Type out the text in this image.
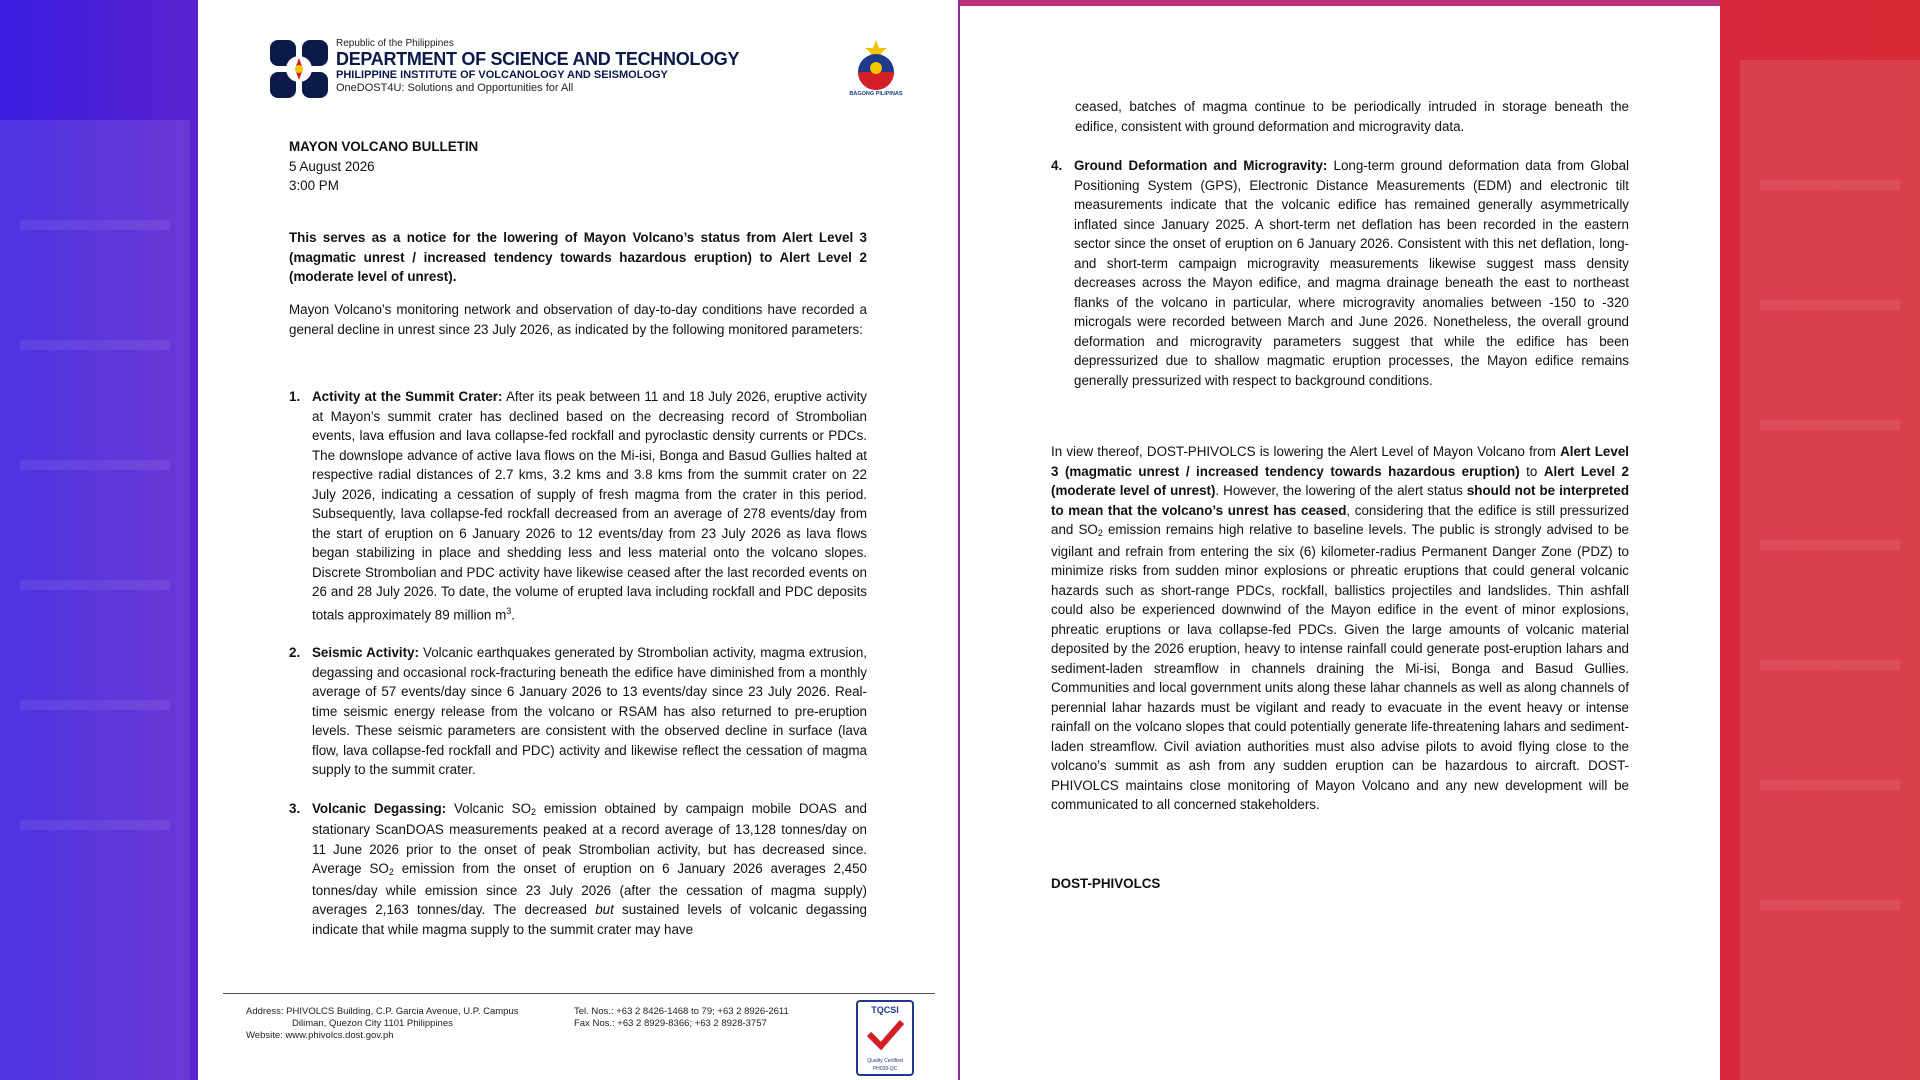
Republic of the Philippines
DEPARTMENT OF SCIENCE AND TECHNOLOGY
PHILIPPINE INSTITUTE OF VOLCANOLOGY AND SEISMOLOGY
OneDOST4U: Solutions and Opportunities for All	BAGONG PILIPINAS
MAYON VOLCANO BULLETIN
5 August 2026
3:00 PM

This serves as a notice for the lowering of Mayon Volcano’s status from Alert Level 3 (magmatic unrest / increased tendency towards hazardous eruption) to Alert Level 2 (moderate level of unrest).

Mayon Volcano’s monitoring network and observation of day-to-day conditions have recorded a general decline in unrest since 23 July 2026, as indicated by the following monitored parameters:

1. Activity at the Summit Crater: After its peak between 11 and 18 July 2026, eruptive activity at Mayon’s summit crater has declined based on the decreasing record of Strombolian events, lava effusion and lava collapse-fed rockfall and pyroclastic density currents or PDCs. The downslope advance of active lava flows on the Mi-isi, Bonga and Basud Gullies halted at respective radial distances of 2.7 kms, 3.2 kms and 3.8 kms from the summit crater on 22 July 2026, indicating a cessation of supply of fresh magma from the crater in this period. Subsequently, lava collapse-fed rockfall decreased from an average of 278 events/day from the start of eruption on 6 January 2026 to 12 events/day from 23 July 2026 as lava flows began stabilizing in place and shedding less and less material onto the volcano slopes. Discrete Strombolian and PDC activity have likewise ceased after the last recorded events on 26 and 28 July 2026. To date, the volume of erupted lava including rockfall and PDC deposits totals approximately 89 million $m^3$.
2. Seismic Activity: Volcanic earthquakes generated by Strombolian activity, magma extrusion, degassing and occasional rock-fracturing beneath the edifice have diminished from a monthly average of 57 events/day since 6 January 2026 to 13 events/day since 23 July 2026. Real-time seismic energy release from the volcano or RSAM has also returned to pre-eruption levels. These seismic parameters are consistent with the observed decline in surface (lava flow, lava collapse-fed rockfall and PDC) activity and likewise reflect the cessation of magma supply to the summit crater.
3. Volcanic Degassing: Volcanic $SO_2$ emission obtained by campaign mobile DOAS and stationary ScanDOAS measurements peaked at a record average of 13,128 tonnes/day on 11 June 2026 prior to the onset of peak Strombolian activity, but has decreased since. Average $SO_2$ emission from the onset of eruption on 6 January 2026 averages 2,450 tonnes/day while emission since 23 July 2026 (after the cessation of magma supply) averages 2,163 tonnes/day. The decreased but sustained levels of volcanic degassing indicate that while magma supply to the summit crater may have
Address: PHIVOLCS Building, C.P. Garcia Avenue, U.P. Campus
Diliman, Quezon City 1101 Philippines
Website: www.phivolcs.dost.gov.ph
Tel. Nos.: +63 2 8426-1468 to 79; +63 2 8926-2611
Fax Nos.: +63 2 8929-8366; +63 2 8928-3757
TQCSI
Quality Certified
PH039-QC
ceased, batches of magma continue to be periodically intruded in storage beneath the edifice, consistent with ground deformation and microgravity data.
4. Ground Deformation and Microgravity: Long-term ground deformation data from Global Positioning System (GPS), Electronic Distance Measurements (EDM) and electronic tilt measurements indicate that the volcanic edifice has remained generally asymmetrically inflated since January 2025. A short-term net deflation has been recorded in the eastern sector since the onset of eruption on 6 January 2026. Consistent with this net deflation, long- and short-term campaign microgravity measurements likewise suggest mass density decreases across the Mayon edifice, and magma drainage beneath the east to northeast flanks of the volcano in particular, where microgravity anomalies between -150 to -320 microgals were recorded between March and June 2026. Nonetheless, the overall ground deformation and microgravity parameters suggest that while the edifice has been depressurized due to shallow magmatic eruption processes, the Mayon edifice remains generally pressurized with respect to background conditions.
In view thereof, DOST-PHIVOLCS is lowering the Alert Level of Mayon Volcano from Alert Level 3 (magmatic unrest / increased tendency towards hazardous eruption) to Alert Level 2 (moderate level of unrest). However, the lowering of the alert status should not be interpreted to mean that the volcano’s unrest has ceased, considering that the edifice is still pressurized and $SO_2$ emission remains high relative to baseline levels. The public is strongly advised to be vigilant and refrain from entering the six (6) kilometer-radius Permanent Danger Zone (PDZ) to minimize risks from sudden minor explosions or phreatic eruptions that could general volcanic hazards such as short-range PDCs, rockfall, ballistics projectiles and landslides. Thin ashfall could also be experienced downwind of the Mayon edifice in the event of minor explosions, phreatic eruptions or lava collapse-fed PDCs. Given the large amounts of volcanic material deposited by the 2026 eruption, heavy to intense rainfall could generate post-eruption lahars and sediment-laden streamflow in channels draining the Mi-isi, Bonga and Basud Gullies. Communities and local government units along these lahar channels as well as along channels of perennial lahar hazards must be vigilant and ready to evacuate in the event heavy or intense rainfall on the volcano slopes that could potentially generate life-threatening lahars and sediment-laden streamflow. Civil aviation authorities must also advise pilots to avoid flying close to the volcano’s summit as ash from any sudden eruption can be hazardous to aircraft. DOST-PHIVOLCS maintains close monitoring of Mayon Volcano and any new development will be communicated to all concerned stakeholders.
DOST-PHIVOLCS
